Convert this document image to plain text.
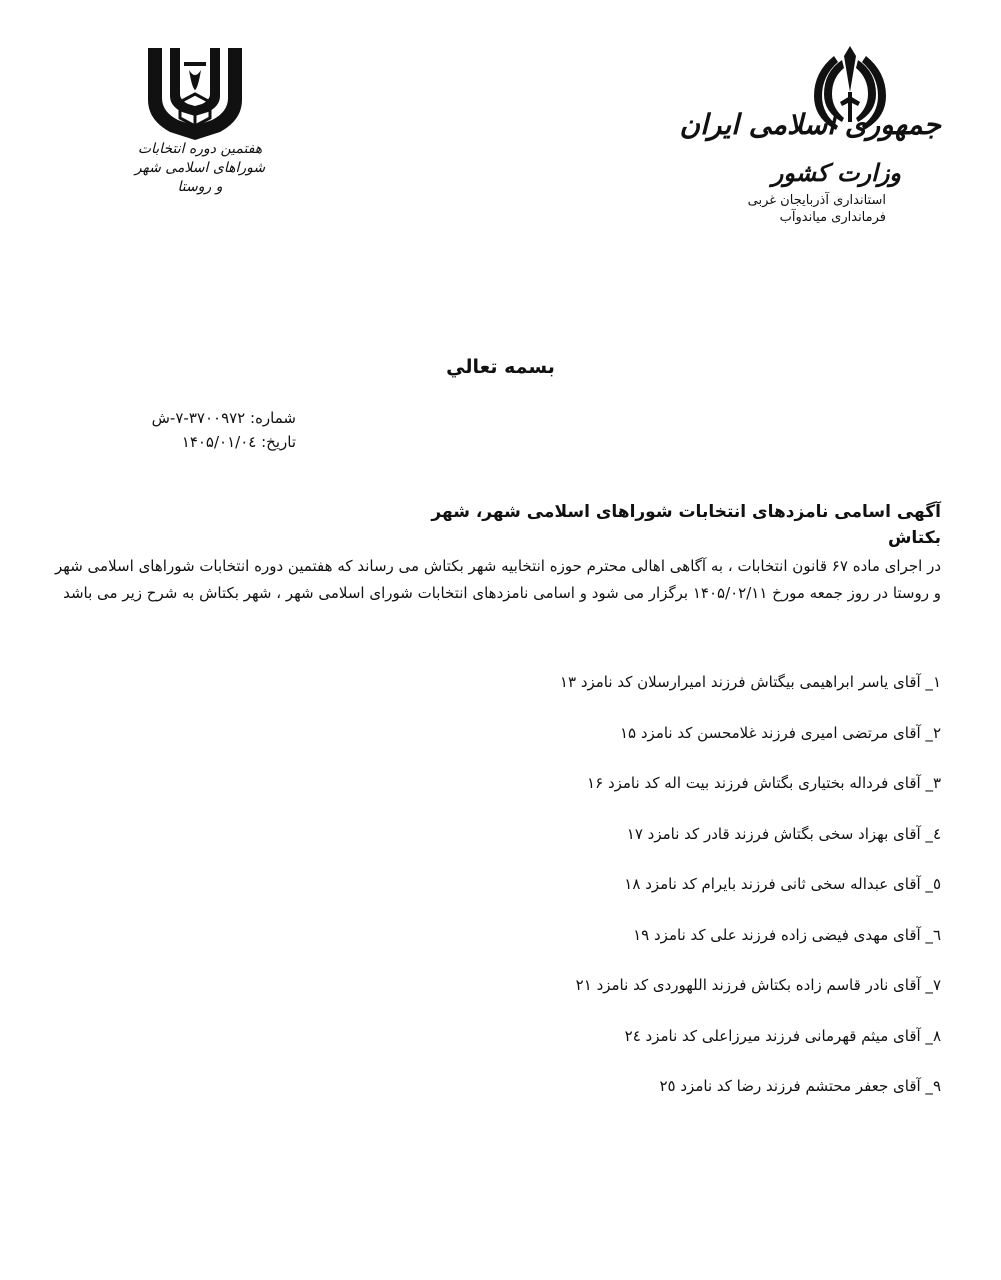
هفتمین دوره انتخابات
شوراهای اسلامی شهر و روستا
جمهوری اسلامی ایران
وزارت کشور
استانداری آذربایجان غربی
فرمانداری میاندوآب
بسمه تعالي
شماره: ۳۷۰۰۹۷۲-۷-ش
تاریخ: ۱۴۰۵/۰۱/۰٤
آگهی اسامی نامزدهای انتخابات شوراهای اسلامی شهر، شهر بکتاش

در اجرای ماده ۶۷ قانون انتخابات ، به آگاهی اهالی محترم حوزه انتخابیه شهر بکتاش می رساند که هفتمین دوره انتخابات شوراهای اسلامی شهر و روستا در روز جمعه مورخ ۱۴۰۵/۰۲/۱۱ برگزار می شود و اسامی نامزدهای انتخابات شورای اسلامی شهر ، شهر بکتاش به شرح زیر می باشد

۱_ آقای یاسر ابراهیمی بیگتاش فرزند امیرارسلان کد نامزد ۱۳
۲_ آقای مرتضی امیری فرزند غلامحسن کد نامزد ۱۵
۳_ آقای فرداله بختیاری بگتاش فرزند بیت اله کد نامزد ۱۶
٤_ آقای بهزاد سخی بگتاش فرزند قادر کد نامزد ۱۷
٥_ آقای عبداله سخی ثانی فرزند بایرام کد نامزد ۱۸
٦_ آقای مهدی فیضی زاده فرزند علی کد نامزد ۱۹
۷_ آقای نادر قاسم زاده بکتاش فرزند اللهوردی کد نامزد ۲۱
۸_ آقای میثم قهرمانی فرزند میرزاعلی کد نامزد ۲٤
۹_ آقای جعفر محتشم فرزند رضا کد نامزد ۲٥
